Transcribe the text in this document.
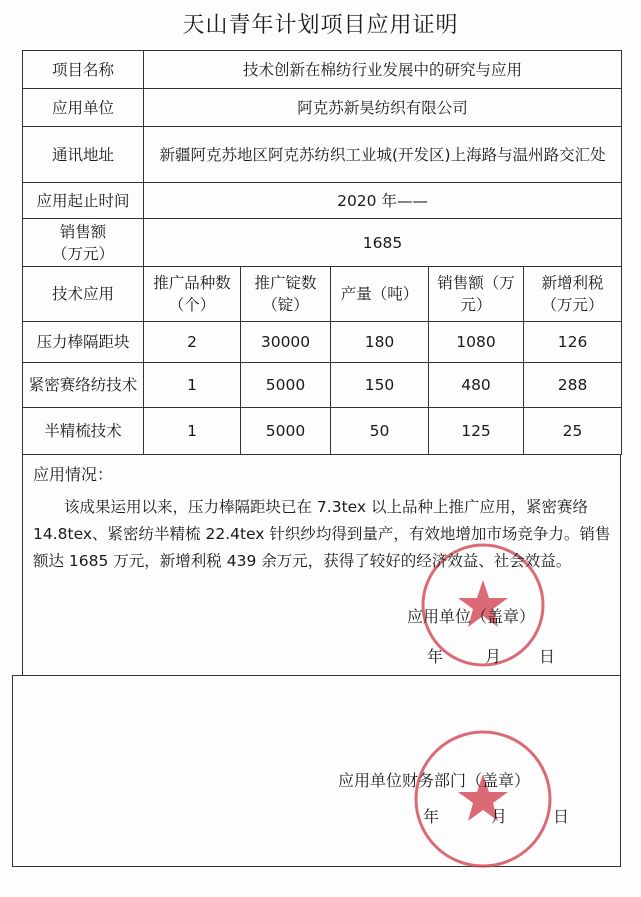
天山青年计划项目应用证明
项目名称	技术创新在棉纺行业发展中的研究与应用				
应用单位	阿克苏新昊纺织有限公司				
通讯地址	新疆阿克苏地区阿克苏纺织工业城(开发区)上海路与温州路交汇处				
应用起止时间	2020 年——				
销售额（万元）	1685				
技术应用	推广品种数（个）	推广锭数（锭）	产量（吨）	销售额（万元）	新增利税（万元）
压力棒隔距块	2	30000	180	1080	126
紧密赛络纺技术	1	5000	150	480	288
半精梳技术	1	5000	50	125	25
应用情况：
该成果运用以来，压力棒隔距块已在 7.3tex 以上品种上推广应用，紧密赛络 14.8tex、紧密纺半精梳 22.4tex 针织纱均得到量产，有效地增加市场竞争力。销售额达 1685 万元，新增利税 439 余万元，获得了较好的经济效益、社会效益。
应用单位（盖章）
年	月 日
应用单位财务部门（盖章）
年	月	日
